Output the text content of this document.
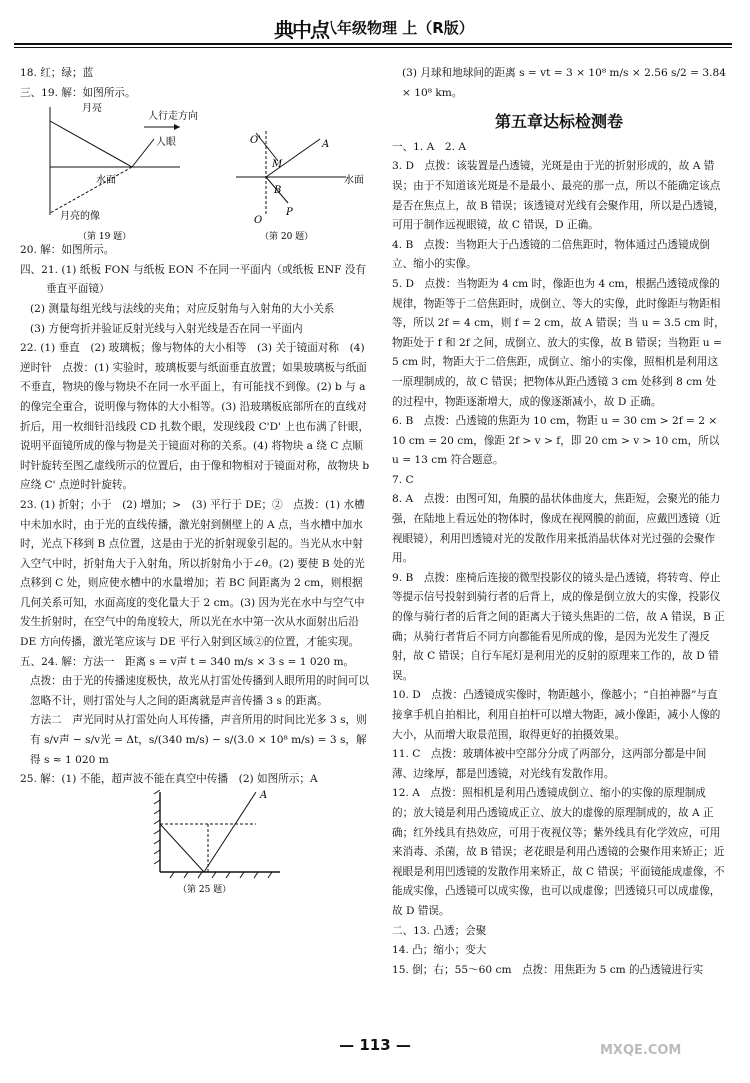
典中点
八年级物理 上（R版）

18. 红；绿；蓝

三、19. 解：如图所示。

月亮
人行走方向
人眼
水面
月亮的像
（第 19 题）
O'	A
M
水面
O
B
P
（第 20 题）

20. 解：如图所示。

四、21. (1) 纸板 FON 与纸板 EON 不在同一平面内（或纸板 ENF 没有垂直平面镜）

(2) 测量每组光线与法线的夹角；对应反射角与入射角的大小关系

(3) 方便弯折并验证反射光线与入射光线是否在同一平面内

22. (1) 垂直　(2) 玻璃板；像与物体的大小相等　(3) 关于镜面对称　(4) 逆时针　点拨：(1) 实验时，玻璃板要与纸面垂直放置；如果玻璃板与纸面不垂直，物块的像与物块不在同一水平面上，有可能找不到像。(2) b 与 a 的像完全重合，说明像与物体的大小相等。(3) 沿玻璃板底部所在的直线对折后，用一枚细针沿线段 CD 扎数个眼，发现线段 C'D' 上也布满了针眼，说明平面镜所成的像与物是关于镜面对称的关系。(4) 将物块 a 绕 C 点顺时针旋转至图乙虚线所示的位置后，由于像和物相对于镜面对称，故物块 b 应绕 C' 点逆时针旋转。

23. (1) 折射；小于　(2) 增加；>　(3) 平行于 DE；②　点拨：(1) 水槽中未加水时，由于光的直线传播，激光射到侧壁上的 A 点，当水槽中加水时，光点下移到 B 点位置，这是由于光的折射现象引起的。当光从水中射入空气中时，折射角大于入射角，所以折射角小于∠θ。(2) 要使 B 处的光点移到 C 处，则应使水槽中的水量增加；若 BC 间距离为 2 cm，则根据几何关系可知，水面高度的变化量大于 2 cm。(3) 因为光在水中与空气中发生折射时，在空气中的角度较大，所以光在水中第一次从水面射出后沿 DE 方向传播，激光笔应该与 DE 平行入射到区域②的位置，才能实现。

五、24. 解：方法一　距离 s = v声 t = 340 m/s × 3 s = 1 020 m。

点拨：由于光的传播速度极快，故光从打雷处传播到人眼所用的时间可以忽略不计，则打雷处与人之间的距离就是声音传播 3 s 的距离。

方法二　声光同时从打雷处向人耳传播，声音所用的时间比光多 3 s，则有 s/v声 − s/v光 = Δt，s/(340 m/s) − s/(3.0 × 10⁸ m/s) = 3 s，解得 s ≈ 1 020 m

25. 解：(1) 不能，超声波不能在真空中传播　(2) 如图所示；A

A
（第 25 题）

(3) 月球和地球间的距离 s = vt = 3 × 10⁸ m/s × 2.56 s/2 = 3.84 × 10⁸ km。

第五章达标检测卷

一、1. A　2. A

3. D　点拨：该装置是凸透镜，光斑是由于光的折射形成的，故 A 错误；由于不知道该光斑是不是最小、最亮的那一点，所以不能确定该点是否在焦点上，故 B 错误；该透镜对光线有会聚作用，所以是凸透镜，可用于制作远视眼镜，故 C 错误，D 正确。

4. B　点拨：当物距大于凸透镜的二倍焦距时，物体通过凸透镜成倒立、缩小的实像。

5. D　点拨：当物距为 4 cm 时，像距也为 4 cm，根据凸透镜成像的规律，物距等于二倍焦距时，成倒立、等大的实像，此时像距与物距相等，所以 2f = 4 cm，则 f = 2 cm，故 A 错误；当 u = 3.5 cm 时，物距处于 f 和 2f 之间，成倒立、放大的实像，故 B 错误；当物距 u = 5 cm 时，物距大于二倍焦距，成倒立、缩小的实像，照相机是利用这一原理制成的，故 C 错误；把物体从距凸透镜 3 cm 处移到 8 cm 处的过程中，物距逐渐增大，成的像逐渐减小，故 D 正确。

6. B　点拨：凸透镜的焦距为 10 cm，物距 u = 30 cm > 2f = 2 × 10 cm = 20 cm，像距 2f > v > f，即 20 cm > v > 10 cm，所以 u = 13 cm 符合题意。

7. C

8. A　点拨：由图可知，角膜的晶状体曲度大，焦距短，会聚光的能力强，在陆地上看远处的物体时，像成在视网膜的前面，应戴凹透镜（近视眼镜），利用凹透镜对光的发散作用来抵消晶状体对光过强的会聚作用。

9. B　点拨：座椅后连接的微型投影仪的镜头是凸透镜，将转弯、停止等提示信号投射到骑行者的后背上，成的像是倒立放大的实像，投影仪的像与骑行者的后背之间的距离大于镜头焦距的二倍，故 A 错误，B 正确；从骑行者背后不同方向都能看见所成的像，是因为光发生了漫反射，故 C 错误；自行车尾灯是利用光的反射的原理来工作的，故 D 错误。

10. D　点拨：凸透镜成实像时，物距越小，像越小；“自拍神器”与直接拿手机自拍相比，利用自拍杆可以增大物距，减小像距，减小人像的大小，从而增大取景范围，取得更好的拍摄效果。

11. C　点拨：玻璃体被中空部分分成了两部分，这两部分都是中间薄、边缘厚，都是凹透镜，对光线有发散作用。

12. A　点拨：照相机是利用凸透镜成倒立、缩小的实像的原理制成的；放大镜是利用凸透镜成正立、放大的虚像的原理制成的，故 A 正确；红外线具有热效应，可用于夜视仪等；紫外线具有化学效应，可用来消毒、杀菌，故 B 错误；老花眼是利用凸透镜的会聚作用来矫正；近视眼是利用凹透镜的发散作用来矫正，故 C 错误；平面镜能成虚像，不能成实像，凸透镜可以成实像，也可以成虚像；凹透镜只可以成虚像，故 D 错误。

二、13. 凸透；会聚

14. 凸；缩小；变大

15. 倒；右；55～60 cm　点拨：用焦距为 5 cm 的凸透镜进行实

— 113 —	MXQE.COM
